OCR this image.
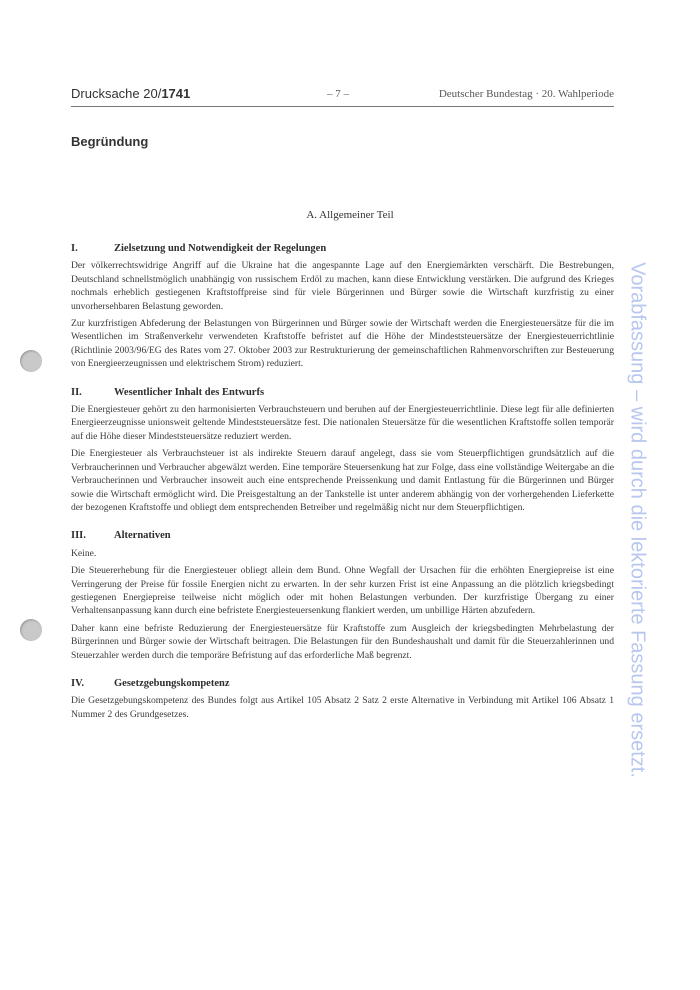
Drucksache 20/1741	– 7 –	Deutscher Bundestag · 20. Wahlperiode
Begründung
A. Allgemeiner Teil
I.	Zielsetzung und Notwendigkeit der Regelungen

Der völkerrechtswidrige Angriff auf die Ukraine hat die angespannte Lage auf den Energiemärkten verschärft. Die Bestrebungen, Deutschland schnellstmöglich unabhängig von russischem Erdöl zu machen, kann diese Entwicklung verstärken. Die aufgrund des Krieges nochmals erheblich gestiegenen Kraftstoffpreise sind für viele Bürgerinnen und Bürger sowie die Wirtschaft kurzfristig zu einer unvorhersehbaren Belastung geworden.

Zur kurzfristigen Abfederung der Belastungen von Bürgerinnen und Bürger sowie der Wirtschaft werden die Energiesteuersätze für die im Wesentlichen im Straßenverkehr verwendeten Kraftstoffe befristet auf die Höhe der Mindeststeuersätze der Energiesteuerrichtlinie (Richtlinie 2003/96/EG des Rates vom 27. Oktober 2003 zur Restrukturierung der gemeinschaftlichen Rahmenvorschriften zur Besteuerung von Energieerzeugnissen und elektrischem Strom) reduziert.

II.	Wesentlicher Inhalt des Entwurfs

Die Energiesteuer gehört zu den harmonisierten Verbrauchsteuern und beruhen auf der Energiesteuerrichtlinie. Diese legt für alle definierten Energieerzeugnisse unionsweit geltende Mindeststeuersätze fest. Die nationalen Steuersätze für die wesentlichen Kraftstoffe sollen temporär auf die Höhe dieser Mindeststeuersätze reduziert werden.

Die Energiesteuer als Verbrauchsteuer ist als indirekte Steuern darauf angelegt, dass sie vom Steuerpflichtigen grundsätzlich auf die Verbraucherinnen und Verbraucher abgewälzt werden. Eine temporäre Steuersenkung hat zur Folge, dass eine vollständige Weitergabe an die Verbraucherinnen und Verbraucher insoweit auch eine entsprechende Preissenkung und damit Entlastung für die Bürgerinnen und Bürger sowie die Wirtschaft ermöglicht wird. Die Preisgestaltung an der Tankstelle ist unter anderem abhängig von der vorhergehenden Lieferkette der bezogenen Kraftstoffe und obliegt dem entsprechenden Betreiber und regelmäßig nicht nur dem Steuerpflichtigen.

III.	Alternativen

Keine.

Die Steuererhebung für die Energiesteuer obliegt allein dem Bund. Ohne Wegfall der Ursachen für die erhöhten Energiepreise ist eine Verringerung der Preise für fossile Energien nicht zu erwarten. In der sehr kurzen Frist ist eine Anpassung an die plötzlich kriegsbedingt gestiegenen Energiepreise teilweise nicht möglich oder mit hohen Belastungen verbunden. Der kurzfristige Übergang zu einer Verhaltensanpassung kann durch eine befristete Energiesteuersenkung flankiert werden, um unbillige Härten abzufedern.

Daher kann eine befriste Reduzierung der Energiesteuersätze für Kraftstoffe zum Ausgleich der kriegsbedingten Mehrbelastung der Bürgerinnen und Bürger sowie der Wirtschaft beitragen. Die Belastungen für den Bundeshaushalt und damit für die Steuerzahlerinnen und Steuerzahler werden durch die temporäre Befristung auf das erforderliche Maß begrenzt.

IV.	Gesetzgebungskompetenz

Die Gesetzgebungskompetenz des Bundes folgt aus Artikel 105 Absatz 2 Satz 2 erste Alternative in Verbindung mit Artikel 106 Absatz 1 Nummer 2 des Grundgesetzes.	Vorabfassung – wird durch die lektorierte Fassung ersetzt.
